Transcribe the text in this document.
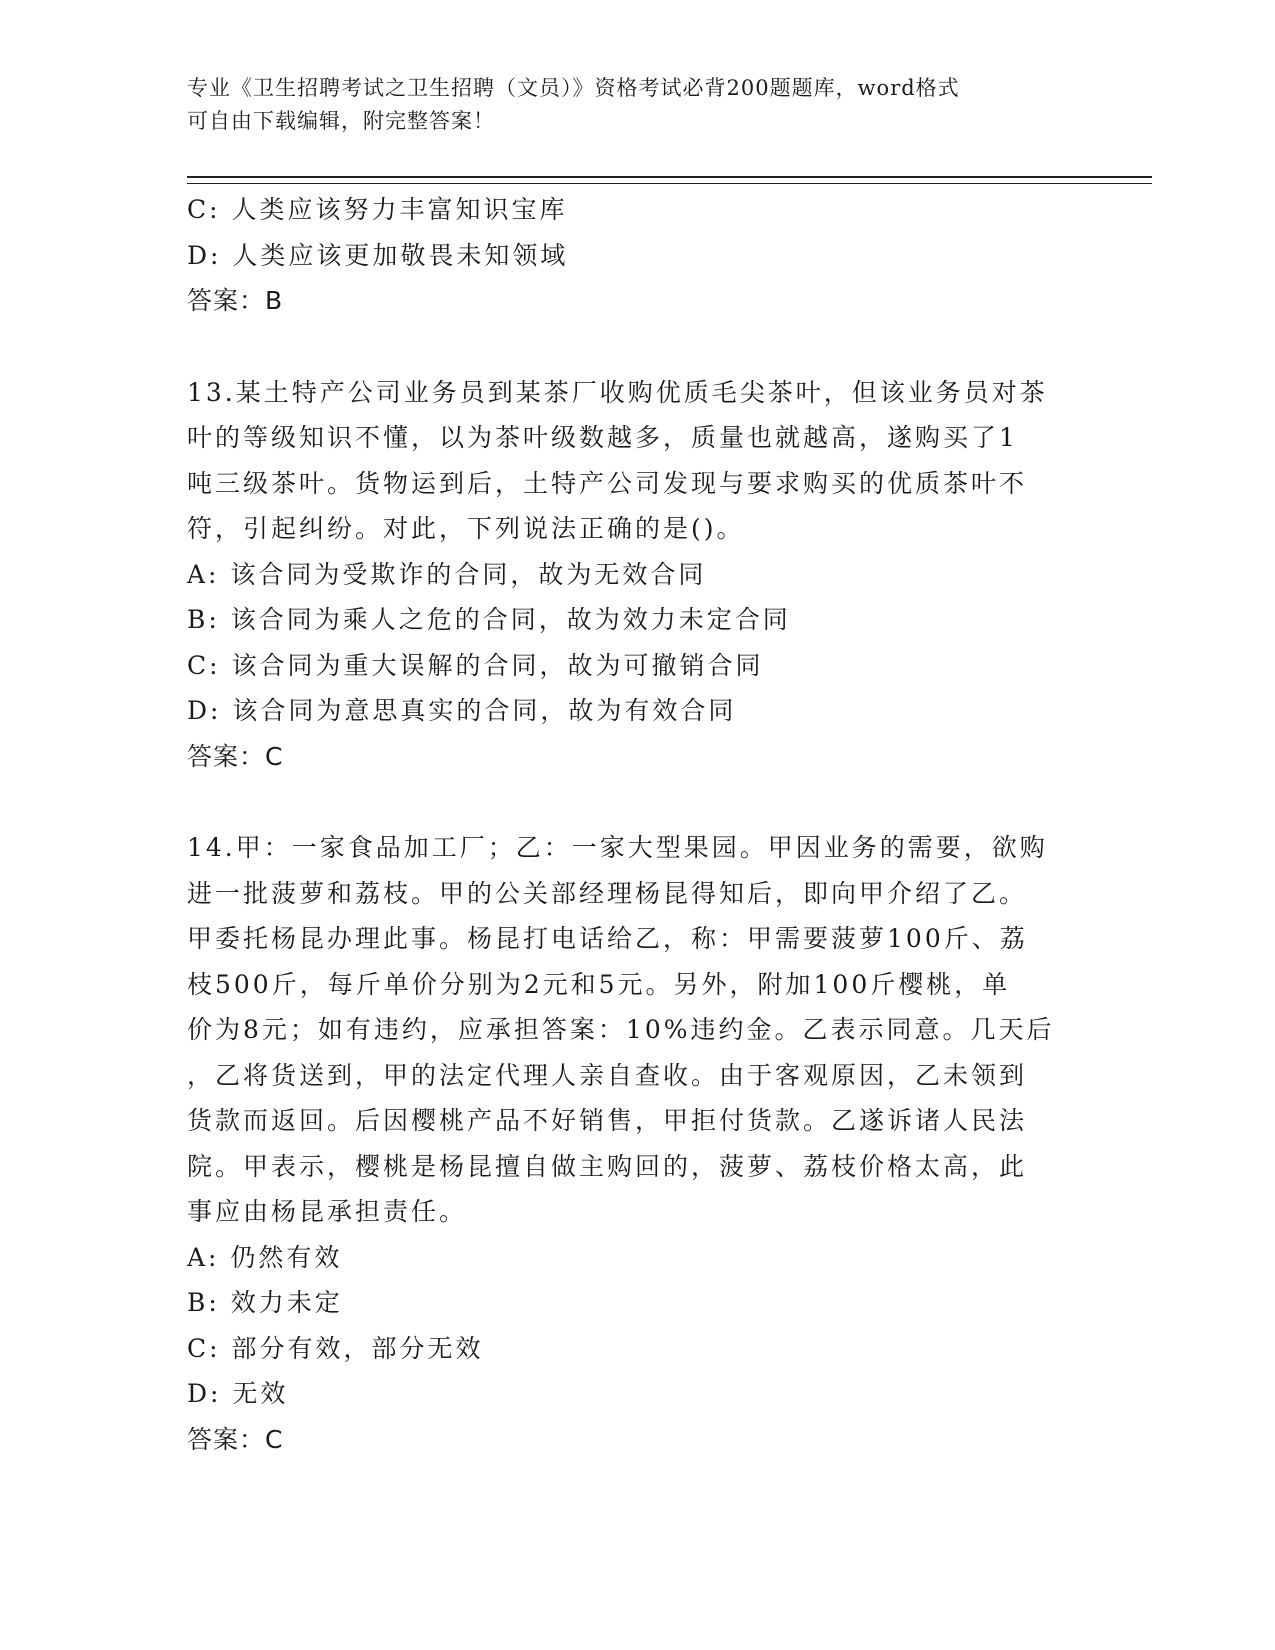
专业《卫生招聘考试之卫生招聘（文员）》资格考试必背200题题库，word格式
可自由下载编辑，附完整答案！
C: 人类应该努力丰富知识宝库
D: 人类应该更加敬畏未知领域
答案：B
13.某土特产公司业务员到某茶厂收购优质毛尖茶叶，但该业务员对茶
叶的等级知识不懂，以为茶叶级数越多，质量也就越高，遂购买了1
吨三级茶叶。货物运到后，土特产公司发现与要求购买的优质茶叶不
符，引起纠纷。对此，下列说法正确的是()。
A: 该合同为受欺诈的合同，故为无效合同
B: 该合同为乘人之危的合同，故为效力未定合同
C: 该合同为重大误解的合同，故为可撤销合同
D: 该合同为意思真实的合同，故为有效合同
答案：C
14.甲：一家食品加工厂；乙：一家大型果园。甲因业务的需要，欲购
进一批菠萝和荔枝。甲的公关部经理杨昆得知后，即向甲介绍了乙。
甲委托杨昆办理此事。杨昆打电话给乙，称：甲需要菠萝100斤、荔
枝500斤，每斤单价分别为2元和5元。另外，附加100斤樱桃，单
价为8元；如有违约，应承担答案：10%违约金。乙表示同意。几天后
，乙将货送到，甲的法定代理人亲自查收。由于客观原因，乙未领到
货款而返回。后因樱桃产品不好销售，甲拒付货款。乙遂诉诸人民法
院。甲表示，樱桃是杨昆擅自做主购回的，菠萝、荔枝价格太高，此
事应由杨昆承担责任。
A: 仍然有效
B: 效力未定
C: 部分有效，部分无效
D: 无效
答案：C
